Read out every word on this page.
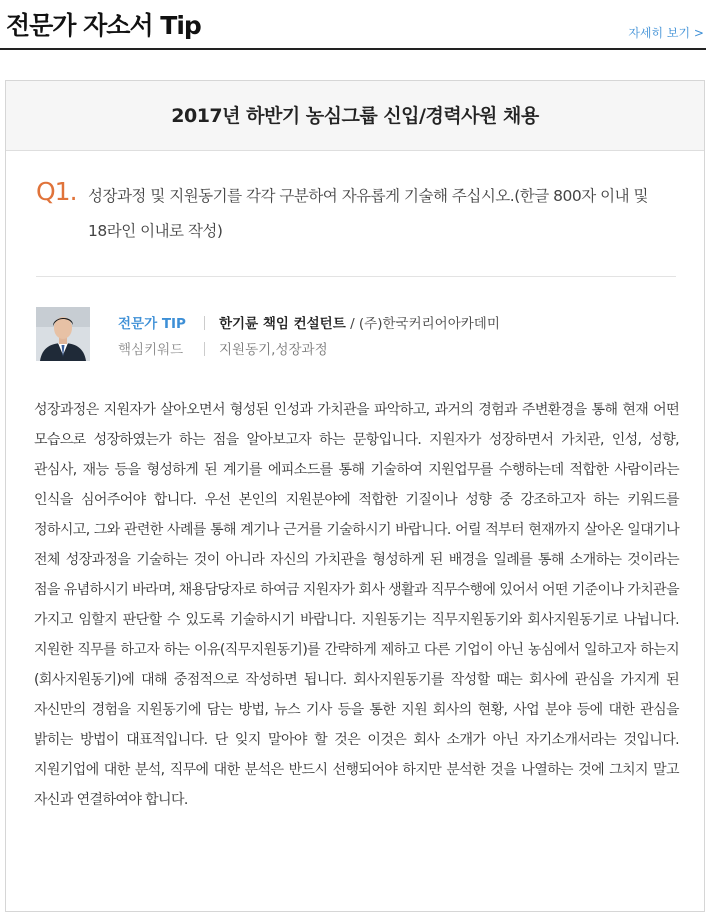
전문가 자소서 Tip	자세히 보기 >
2017년 하반기 농심그룹 신입/경력사원 채용
Q1. 성장과정 및 지원동기를 각각 구분하여 자유롭게 기술해 주십시오.(한글 800자 이내 및 18라인 이내로 작성)

전문가 TIP 한기륜 책임 컨설턴트 / (주)한국커리어아카데미
핵심키워드	지원동기,성장과정

성장과정은 지원자가 살아오면서 형성된 인성과 가치관을 파악하고, 과거의 경험과 주변환경을 통해 현재 어떤 모습으로 성장하였는가 하는 점을 알아보고자 하는 문항입니다. 지원자가 성장하면서 가치관, 인성, 성향, 관심사, 재능 등을 형성하게 된 계기를 에피소드를 통해 기술하여 지원업무를 수행하는데 적합한 사람이라는 인식을 심어주어야 합니다. 우선 본인의 지원분야에 적합한 기질이나 성향 중 강조하고자 하는 키워드를 정하시고, 그와 관련한 사례를 통해 계기나 근거를 기술하시기 바랍니다. 어릴 적부터 현재까지 살아온 일대기나 전체 성장과정을 기술하는 것이 아니라 자신의 가치관을 형성하게 된 배경을 일례를 통해 소개하는 것이라는 점을 유념하시기 바라며, 채용담당자로 하여금 지원자가 회사 생활과 직무수행에 있어서 어떤 기준이나 가치관을 가지고 임할지 판단할 수 있도록 기술하시기 바랍니다. 지원동기는 직무지원동기와 회사지원동기로 나뉩니다. 지원한 직무를 하고자 하는 이유(직무지원동기)를 간략하게 제하고 다른 기업이 아닌 농심에서 일하고자 하는지(회사지원동기)에 대해 중점적으로 작성하면 됩니다. 회사지원동기를 작성할 때는 회사에 관심을 가지게 된 자신만의 경험을 지원동기에 담는 방법, 뉴스 기사 등을 통한 지원 회사의 현황, 사업 분야 등에 대한 관심을 밝히는 방법이 대표적입니다. 단 잊지 말아야 할 것은 이것은 회사 소개가 아닌 자기소개서라는 것입니다. 지원기업에 대한 분석, 직무에 대한 분석은 반드시 선행되어야 하지만 분석한 것을 나열하는 것에 그치지 말고 자신과 연결하여야 합니다.
